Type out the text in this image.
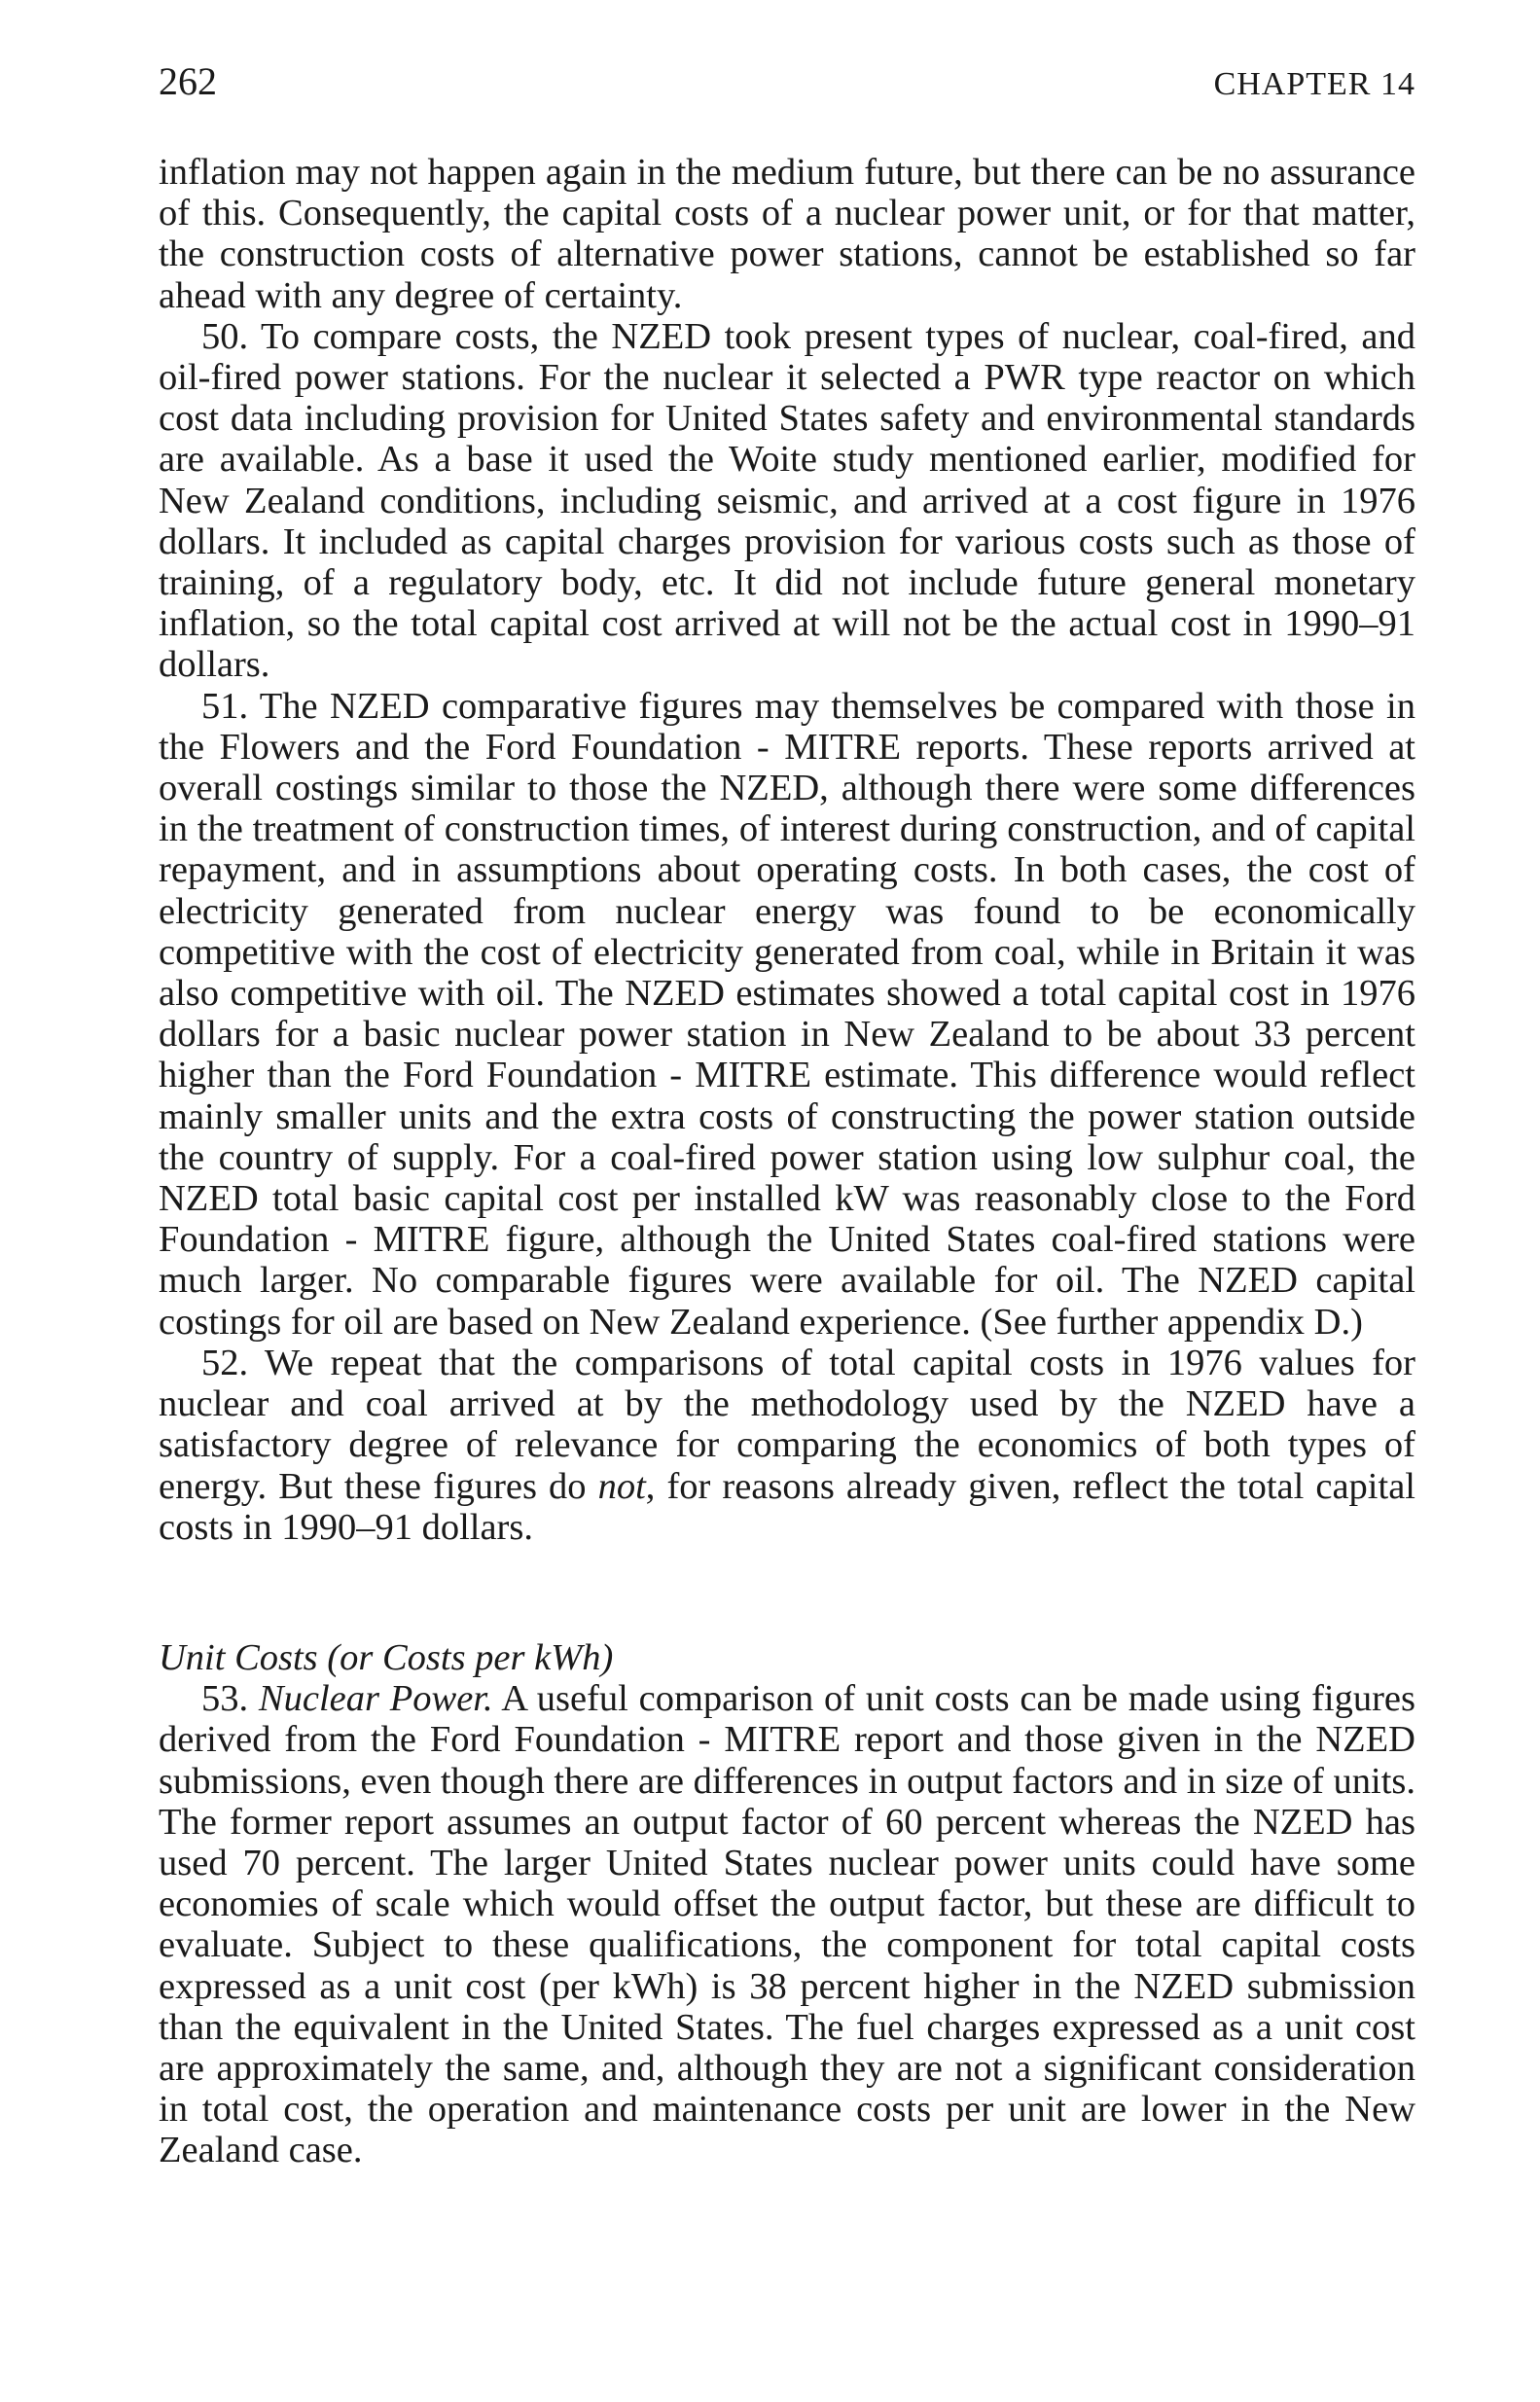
262	CHAPTER 14

inflation may not happen again in the medium future, but there can be no assurance of this. Consequently, the capital costs of a nuclear power unit, or for that matter, the construction costs of alternative power stations, cannot be established so far ahead with any degree of certainty.

50. To compare costs, the NZED took present types of nuclear, coal-fired, and oil-fired power stations. For the nuclear it selected a PWR type reactor on which cost data including provision for United States safety and environmental standards are available. As a base it used the Woite study mentioned earlier, modified for New Zealand conditions, including seismic, and arrived at a cost figure in 1976 dollars. It included as capital charges provision for various costs such as those of training, of a regulatory body, etc. It did not include future general monetary inflation, so the total capital cost arrived at will not be the actual cost in 1990–91 dollars.

51. The NZED comparative figures may themselves be compared with those in the Flowers and the Ford Foundation - MITRE reports. These reports arrived at overall costings similar to those the NZED, although there were some differences in the treatment of construction times, of interest during construction, and of capital repayment, and in assumptions about operating costs. In both cases, the cost of electricity generated from nuclear energy was found to be economically competitive with the cost of electricity generated from coal, while in Britain it was also competitive with oil. The NZED estimates showed a total capital cost in 1976 dollars for a basic nuclear power station in New Zealand to be about 33 percent higher than the Ford Foundation - MITRE estimate. This difference would reflect mainly smaller units and the extra costs of constructing the power station outside the country of supply. For a coal-fired power station using low sulphur coal, the NZED total basic capital cost per installed kW was reasonably close to the Ford Foundation - MITRE figure, although the United States coal-fired stations were much larger. No comparable figures were available for oil. The NZED capital costings for oil are based on New Zealand experience. (See further appendix D.)

52. We repeat that the comparisons of total capital costs in 1976 values for nuclear and coal arrived at by the methodology used by the NZED have a satisfactory degree of relevance for comparing the economics of both types of energy. But these figures do not, for reasons already given, reflect the total capital costs in 1990–91 dollars.

Unit Costs (or Costs per kWh)

53. Nuclear Power. A useful comparison of unit costs can be made using figures derived from the Ford Foundation - MITRE report and those given in the NZED submissions, even though there are differences in output factors and in size of units. The former report assumes an output factor of 60 percent whereas the NZED has used 70 percent. The larger United States nuclear power units could have some economies of scale which would offset the output factor, but these are difficult to evaluate. Subject to these qualifications, the component for total capital costs expressed as a unit cost (per kWh) is 38 percent higher in the NZED submission than the equivalent in the United States. The fuel charges expressed as a unit cost are approximately the same, and, although they are not a significant consideration in total cost, the operation and maintenance costs per unit are lower in the New Zealand case.
